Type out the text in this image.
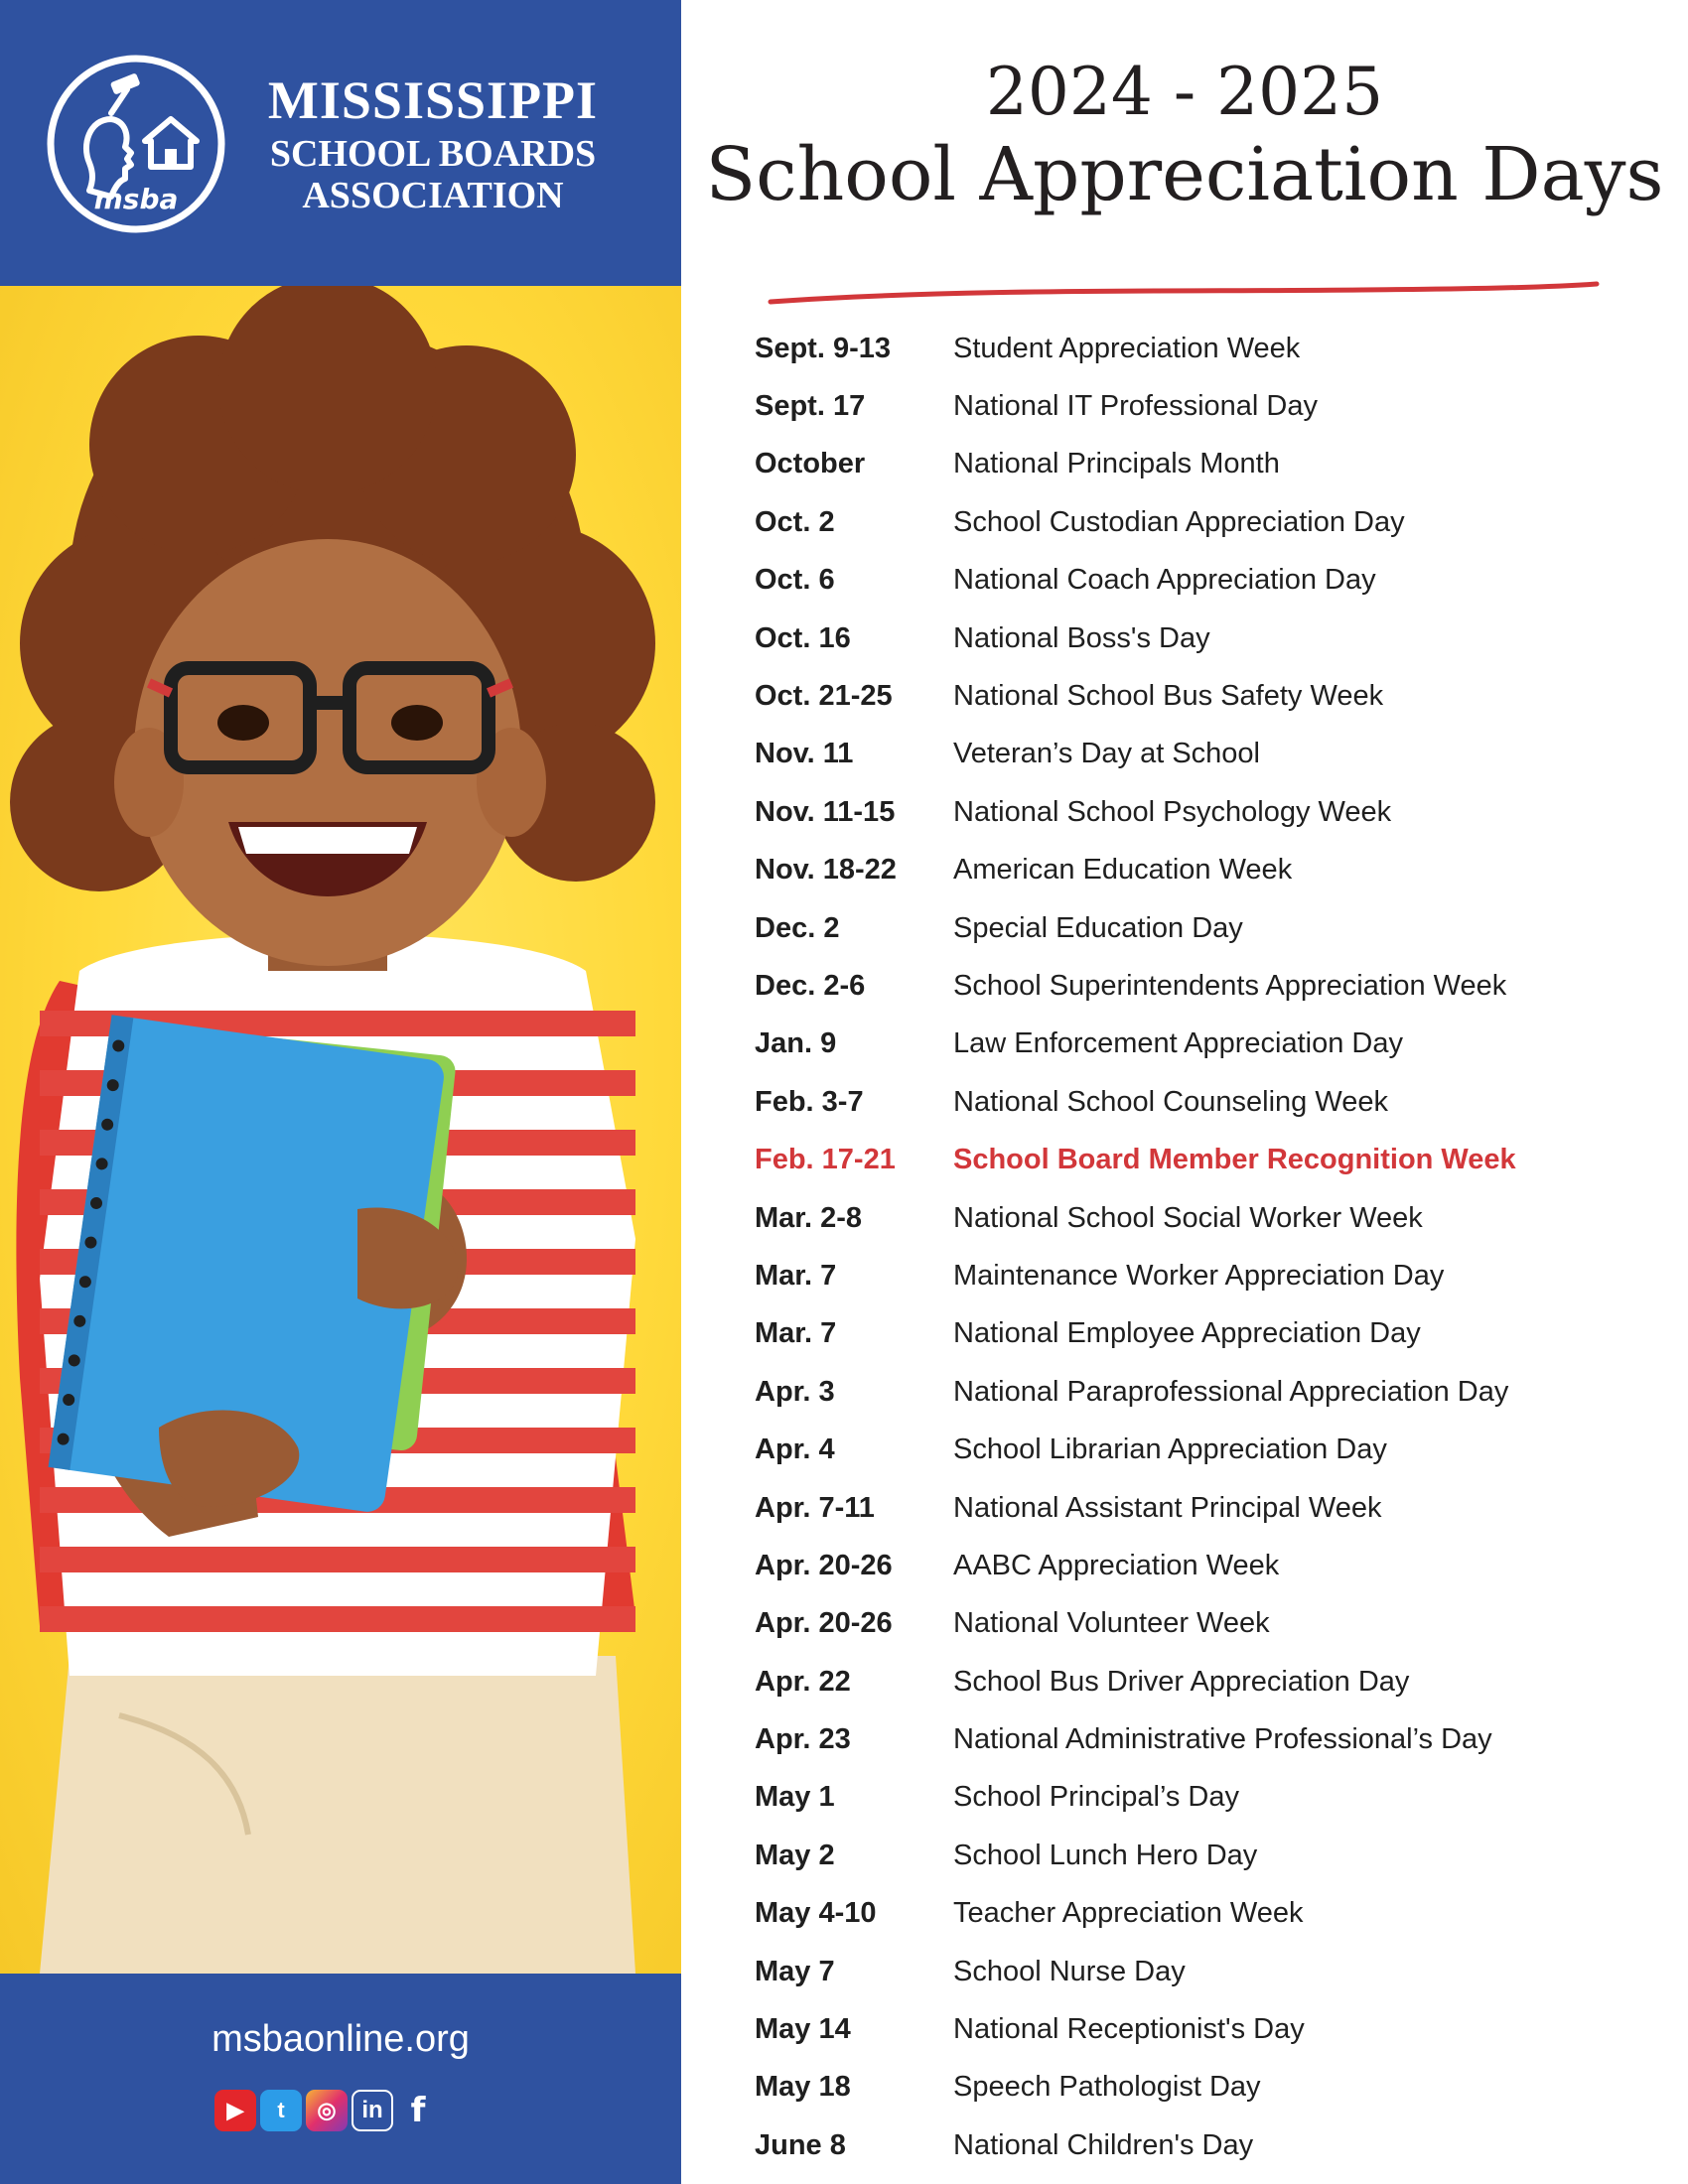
msba
MISSISSIPPI
SCHOOL BOARDS
ASSOCIATION
msbaonline.org
▶	t	◎	in f
2024 - 2025
School Appreciation Days
Sept. 9-13	Student Appreciation Week
Sept. 17	National IT Professional Day
October	National Principals Month
Oct. 2	School Custodian Appreciation Day
Oct. 6	National Coach Appreciation Day
Oct. 16	National Boss's Day
Oct. 21-25	National School Bus Safety Week
Nov. 11	Veteran’s Day at School
Nov. 11-15	National School Psychology Week
Nov. 18-22	American Education Week
Dec. 2	Special Education Day
Dec. 2-6	School Superintendents Appreciation Week
Jan. 9	Law Enforcement Appreciation Day
Feb. 3-7	National School Counseling Week
Feb. 17-21	School Board Member Recognition Week
Mar. 2-8	National School Social Worker Week
Mar. 7	Maintenance Worker Appreciation Day
Mar. 7	National Employee Appreciation Day
Apr. 3	National Paraprofessional Appreciation Day
Apr. 4	School Librarian Appreciation Day
Apr. 7-11	National Assistant Principal Week
Apr. 20-26	AABC Appreciation Week
Apr. 20-26	National Volunteer Week
Apr. 22	School Bus Driver Appreciation Day
Apr. 23	National Administrative Professional’s Day
May 1	School Principal’s Day
May 2	School Lunch Hero Day
May 4-10	Teacher Appreciation Week
May 7	School Nurse Day
May 14	National Receptionist's Day
May 18	Speech Pathologist Day
June 8	National Children's Day
